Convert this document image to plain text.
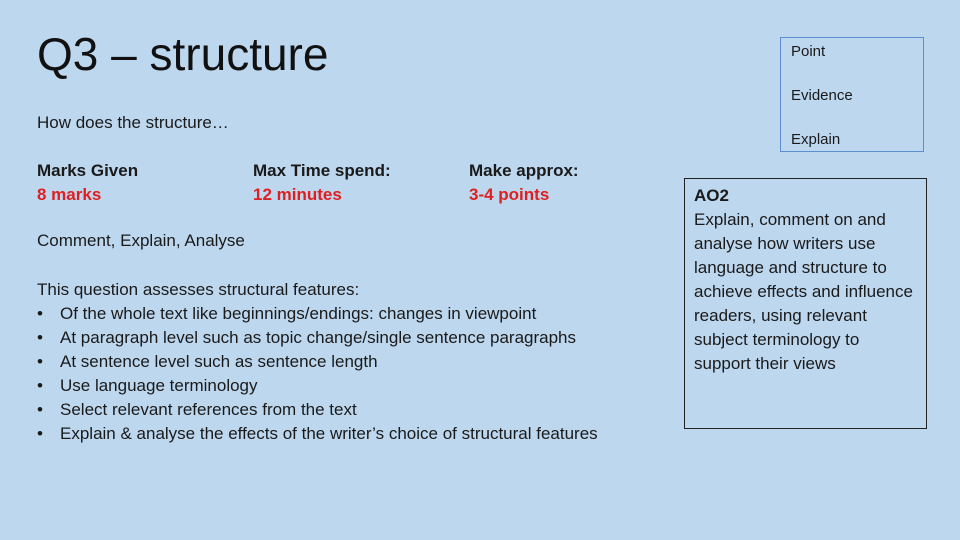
Q3 – structure
How does the structure…
Marks Given
8 marks
Max Time spend:
12 minutes
Make approx:
3-4 points
Comment, Explain, Analyse
This question assesses structural features:
• Of the whole text like beginnings/endings: changes in viewpoint
• At paragraph level such as topic change/single sentence paragraphs
• At sentence level such as sentence length
• Use language terminology
• Select relevant references from the text
• Explain & analyse the effects of the writer’s choice of structural features
Point
Evidence
Explain
AO2
Explain, comment on and analyse how writers use language and structure to achieve effects and influence readers, using relevant subject terminology to support their views
